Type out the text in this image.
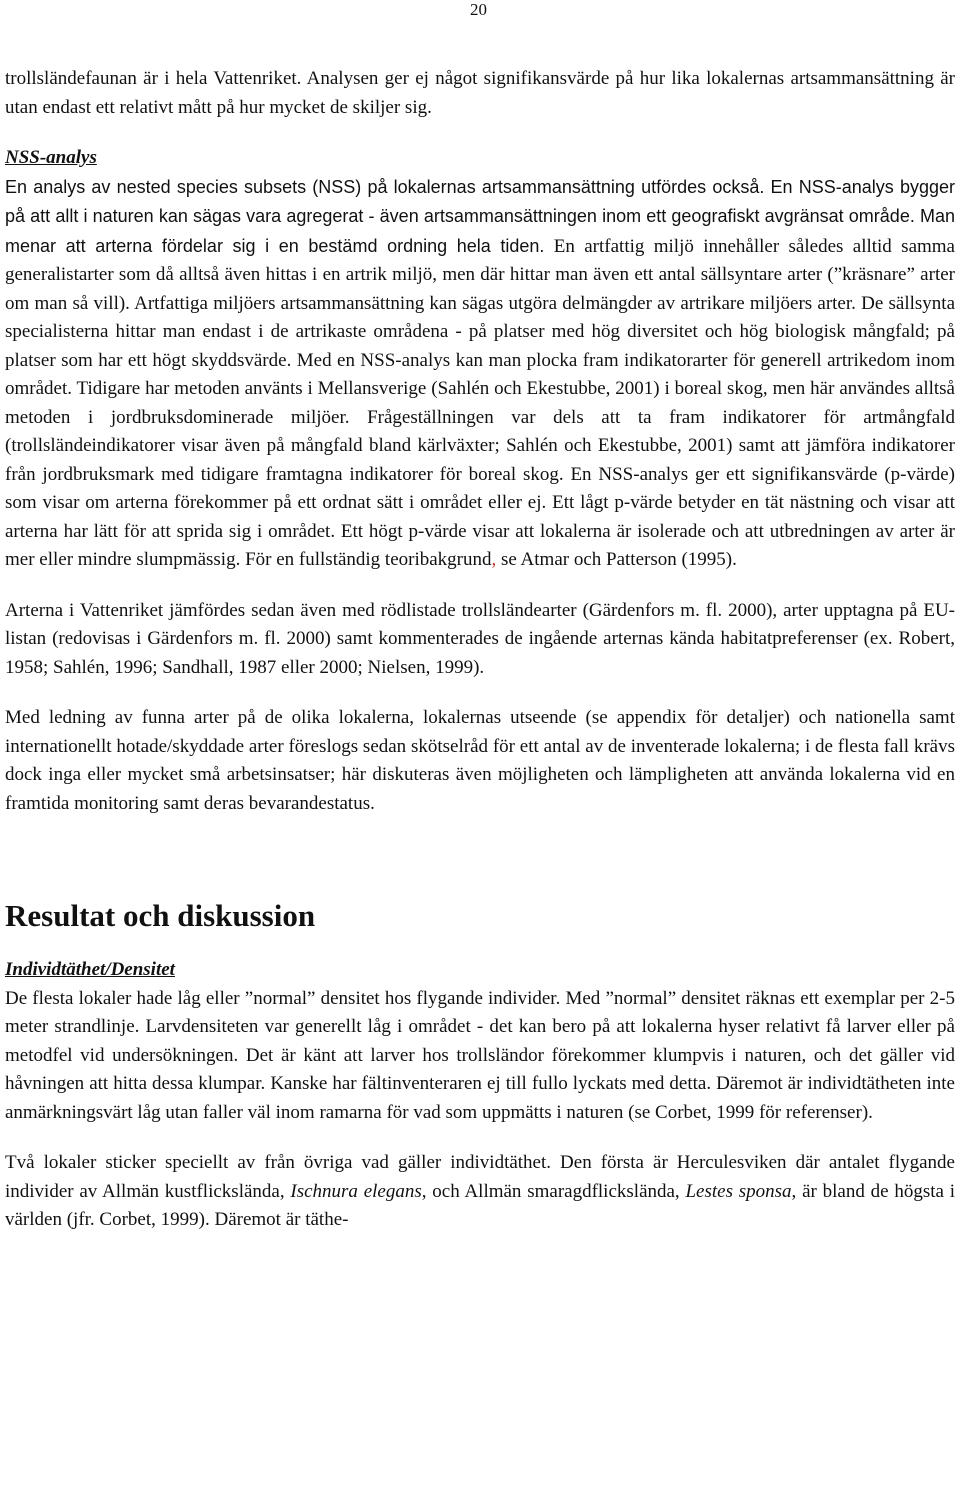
20

trollsländefaunan är i hela Vattenriket. Analysen ger ej något signifikansvärde på hur lika lokalernas artsammansättning är utan endast ett relativt mått på hur mycket de skiljer sig.

NSS-analys

En analys av nested species subsets (NSS) på lokalernas artsammansättning utfördes också. En NSS-analys bygger på att allt i naturen kan sägas vara agregerat - även artsammansättningen inom ett geografiskt avgränsat område. Man menar att arterna fördelar sig i en bestämd ordning hela tiden. En artfattig miljö innehåller således alltid samma generalistarter som då alltså även hittas i en artrik miljö, men där hittar man även ett antal sällsyntare arter (”kräsnare” arter om man så vill). Artfattiga miljöers artsammansättning kan sägas utgöra delmängder av artrikare miljöers arter. De sällsynta specialisterna hittar man endast i de artrikaste områdena - på platser med hög diversitet och hög biologisk mångfald; på platser som har ett högt skyddsvärde. Med en NSS-analys kan man plocka fram indikatorarter för generell artrikedom inom området. Tidigare har metoden använts i Mellansverige (Sahlén och Ekestubbe, 2001) i boreal skog, men här användes alltså metoden i jordbruksdominerade miljöer. Frågeställningen var dels att ta fram indikatorer för artmångfald (trollsländeindikatorer visar även på mångfald bland kärlväxter; Sahlén och Ekestubbe, 2001) samt att jämföra indikatorer från jordbruksmark med tidigare framtagna indikatorer för boreal skog. En NSS-analys ger ett signifikansvärde (p-värde) som visar om arterna förekommer på ett ordnat sätt i området eller ej. Ett lågt p-värde betyder en tät nästning och visar att arterna har lätt för att sprida sig i området. Ett högt p-värde visar att lokalerna är isolerade och att utbredningen av arter är mer eller mindre slumpmässig. För en fullständig teoribakgrund, se Atmar och Patterson (1995).

Arterna i Vattenriket jämfördes sedan även med rödlistade trollsländearter (Gärdenfors m. fl. 2000), arter upptagna på EU-listan (redovisas i Gärdenfors m. fl. 2000) samt kommenterades de ingående arternas kända habitatpreferenser (ex. Robert, 1958; Sahlén, 1996; Sandhall, 1987 eller 2000; Nielsen, 1999).

Med ledning av funna arter på de olika lokalerna, lokalernas utseende (se appendix för detaljer) och nationella samt internationellt hotade/skyddade arter föreslogs sedan skötselråd för ett antal av de inventerade lokalerna; i de flesta fall krävs dock inga eller mycket små arbetsinsatser; här diskuteras även möjligheten och lämpligheten att använda lokalerna vid en framtida monitoring samt deras bevarandestatus.

Resultat och diskussion

Individtäthet/Densitet

De flesta lokaler hade låg eller ”normal” densitet hos flygande individer. Med ”normal” densitet räknas ett exemplar per 2-5 meter strandlinje. Larvdensiteten var generellt låg i området - det kan bero på att lokalerna hyser relativt få larver eller på metodfel vid undersökningen. Det är känt att larver hos trollsländor förekommer klumpvis i naturen, och det gäller vid håvningen att hitta dessa klumpar. Kanske har fältinventeraren ej till fullo lyckats med detta. Däremot är individtätheten inte anmärkningsvärt låg utan faller väl inom ramarna för vad som uppmätts i naturen (se Corbet, 1999 för referenser).

Två lokaler sticker speciellt av från övriga vad gäller individtäthet. Den första är Herculesviken där antalet flygande individer av Allmän kustflickslända, Ischnura elegans, och Allmän smaragdflickslända, Lestes sponsa, är bland de högsta i världen (jfr. Corbet, 1999). Däremot är täthe-
